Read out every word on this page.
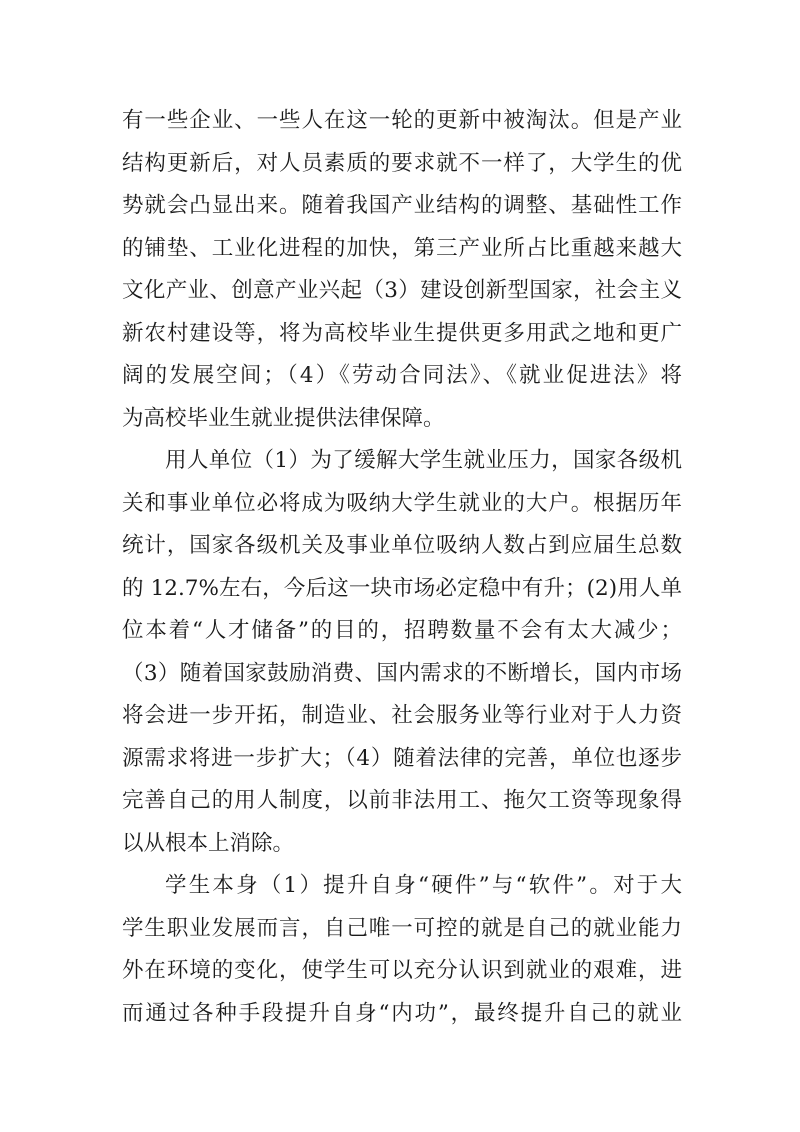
有一些企业、一些人在这一轮的更新中被淘汰。但是产业
结构更新后，对人员素质的要求就不一样了，大学生的优
势就会凸显出来。随着我国产业结构的调整、基础性工作
的铺垫、工业化进程的加快，第三产业所占比重越来越大
文化产业、创意产业兴起（3）建设创新型国家，社会主义
新农村建设等，将为高校毕业生提供更多用武之地和更广
阔的发展空间；（4）《劳动合同法》、《就业促进法》将
为高校毕业生就业提供法律保障。
用人单位（1）为了缓解大学生就业压力，国家各级机
关和事业单位必将成为吸纳大学生就业的大户。根据历年
统计，国家各级机关及事业单位吸纳人数占到应届生总数
的 12.7%左右，今后这一块市场必定稳中有升；(2)用人单
位本着“人才储备”的目的，招聘数量不会有太大减少；
（3）随着国家鼓励消费、国内需求的不断增长，国内市场
将会进一步开拓，制造业、社会服务业等行业对于人力资
源需求将进一步扩大；（4）随着法律的完善，单位也逐步
完善自己的用人制度，以前非法用工、拖欠工资等现象得
以从根本上消除。
学生本身（1）提升自身“硬件”与“软件”。对于大
学生职业发展而言，自己唯一可控的就是自己的就业能力
外在环境的变化，使学生可以充分认识到就业的艰难，进
而通过各种手段提升自身“内功”，最终提升自己的就业
